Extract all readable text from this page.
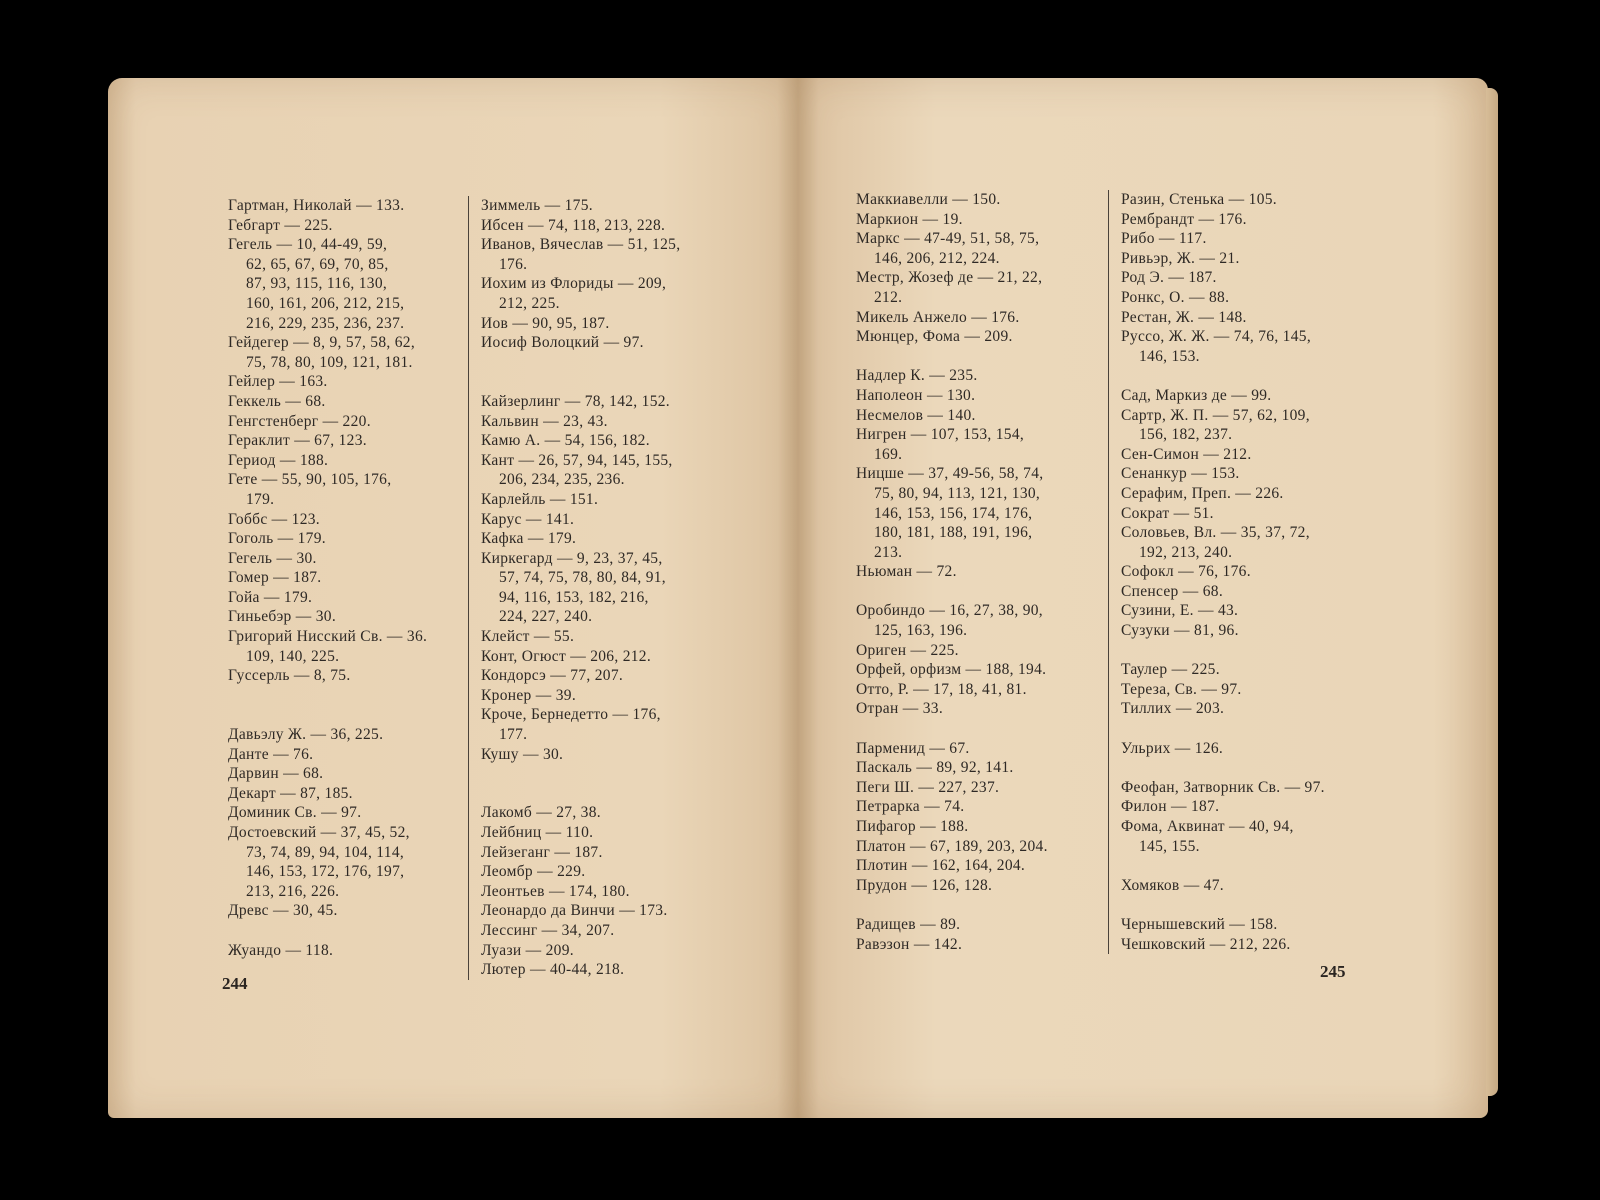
Гартман, Николай — 133.
Гебгарт — 225.
Гегель — 10, 44-49, 59,
62, 65, 67, 69, 70, 85,
87, 93, 115, 116, 130,
160, 161, 206, 212, 215,
216, 229, 235, 236, 237.
Гейдегер — 8, 9, 57, 58, 62,
75, 78, 80, 109, 121, 181.
Гейлер — 163.
Геккель — 68.
Генгстенберг — 220.
Гераклит — 67, 123.
Гериод — 188.
Гете — 55, 90, 105, 176,
179.
Гоббс — 123.
Гоголь — 179.
Гегель — 30.
Гомер — 187.
Гойа — 179.
Гиньебэр — 30.
Григорий Нисский Св. — 36.
109, 140, 225.
Гуссерль — 8, 75.
Давьэлу Ж. — 36, 225.
Данте — 76.
Дарвин — 68.
Декарт — 87, 185.
Доминик Св. — 97.
Достоевский — 37, 45, 52,
73, 74, 89, 94, 104, 114,
146, 153, 172, 176, 197,
213, 216, 226.
Древс — 30, 45.
Жуандо — 118.
Зиммель — 175.
Ибсен — 74, 118, 213, 228.
Иванов, Вячеслав — 51, 125,
176.
Иохим из Флориды — 209,
212, 225.
Иов — 90, 95, 187.
Иосиф Волоцкий — 97.
Кайзерлинг — 78, 142, 152.
Кальвин — 23, 43.
Камю А. — 54, 156, 182.
Кант — 26, 57, 94, 145, 155,
206, 234, 235, 236.
Карлейль — 151.
Карус — 141.
Кафка — 179.
Киркегард — 9, 23, 37, 45,
57, 74, 75, 78, 80, 84, 91,
94, 116, 153, 182, 216,
224, 227, 240.
Клейст — 55.
Конт, Огюст — 206, 212.
Кондорсэ — 77, 207.
Кронер — 39.
Кроче, Бернедетто — 176,
177.
Кушу — 30.
Лакомб — 27, 38.
Лейбниц — 110.
Лейзеганг — 187.
Леомбр — 229.
Леонтьев — 174, 180.
Леонардо да Винчи — 173.
Лессинг — 34, 207.
Луази — 209.
Лютер — 40-44, 218.
244
Маккиавелли — 150.
Маркион — 19.
Маркс — 47-49, 51, 58, 75,
146, 206, 212, 224.
Местр, Жозеф де — 21, 22,
212.
Микель Анжело — 176.
Мюнцер, Фома — 209.
Надлер К. — 235.
Наполеон — 130.
Несмелов — 140.
Нигрен — 107, 153, 154,
169.
Ницше — 37, 49-56, 58, 74,
75, 80, 94, 113, 121, 130,
146, 153, 156, 174, 176,
180, 181, 188, 191, 196,
213.
Ньюман — 72.
Оробиндо — 16, 27, 38, 90,
125, 163, 196.
Ориген — 225.
Орфей, орфизм — 188, 194.
Отто, Р. — 17, 18, 41, 81.
Отран — 33.
Парменид — 67.
Паскаль — 89, 92, 141.
Пеги Ш. — 227, 237.
Петрарка — 74.
Пифагор — 188.
Платон — 67, 189, 203, 204.
Плотин — 162, 164, 204.
Прудон — 126, 128.
Радищев — 89.
Равэзон — 142.
Разин, Стенька — 105.
Рембрандт — 176.
Рибо — 117.
Ривьэр, Ж. — 21.
Род Э. — 187.
Ронкс, О. — 88.
Рестан, Ж. — 148.
Руссо, Ж. Ж. — 74, 76, 145,
146, 153.
Сад, Маркиз де — 99.
Сартр, Ж. П. — 57, 62, 109,
156, 182, 237.
Сен-Симон — 212.
Сенанкур — 153.
Серафим, Преп. — 226.
Сократ — 51.
Соловьев, Вл. — 35, 37, 72,
192, 213, 240.
Софокл — 76, 176.
Спенсер — 68.
Сузини, Е. — 43.
Сузуки — 81, 96.
Таулер — 225.
Тереза, Св. — 97.
Тиллих — 203.
Ульрих — 126.
Феофан, Затворник Св. — 97.
Филон — 187.
Фома, Аквинат — 40, 94,
145, 155.
Хомяков — 47.
Чернышевский — 158.
Чешковский — 212, 226.
245
